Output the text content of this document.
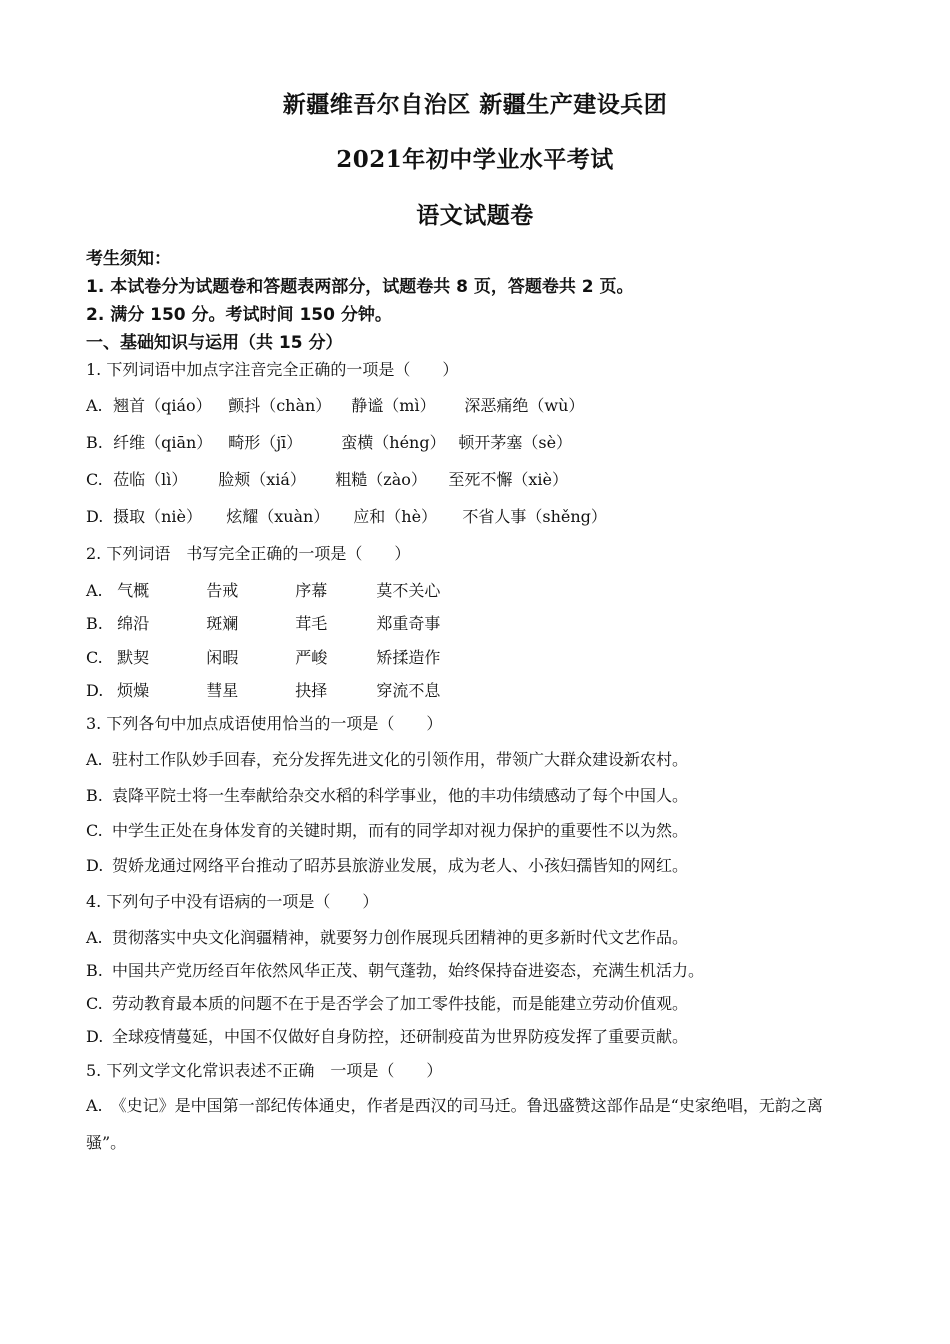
新疆维吾尔自治区 新疆生产建设兵团
2021年初中学业水平考试
语文试题卷
考生须知：
1. 本试卷分为试题卷和答题表两部分，试题卷共 8 页，答题卷共 2 页。
2. 满分 150 分。考试时间 150 分钟。
一、基础知识与运用（共 15 分）
1. 下列词语中加点字注音完全正确的一项是（　　）
A. 翘首（qiáo） 颤抖（chàn） 静谧（mì） 深恶痛绝（wù）
B. 纤维（qiān） 畸形（jī） 蛮横（héng） 顿开茅塞（sè）
C. 莅临（lì） 脸颊（xiá） 粗糙（zào） 至死不懈（xiè）
D. 摄取（niè） 炫耀（xuàn） 应和（hè） 不省人事（shěng）
2. 下列词语　书写完全正确的一项是（　　）
A. 气概	告戒	序幕	莫不关心
B. 绵沿	斑斓	茸毛	郑重奇事
C. 默契	闲暇	严峻	矫揉造作
D. 烦燥	彗星	抉择	穿流不息
3. 下列各句中加点成语使用恰当的一项是（　　）
A. 驻村工作队妙手回春，充分发挥先进文化的引领作用，带领广大群众建设新农村。
B. 袁降平院士将一生奉献给杂交水稻的科学事业，他的丰功伟绩感动了每个中国人。
C. 中学生正处在身体发育的关键时期，而有的同学却对视力保护的重要性不以为然。
D. 贺娇龙通过网络平台推动了昭苏县旅游业发展，成为老人、小孩妇孺皆知的网红。
4. 下列句子中没有语病的一项是（　　）
A. 贯彻落实中央文化润疆精神，就要努力创作展现兵团精神的更多新时代文艺作品。
B. 中国共产党历经百年依然风华正茂、朝气蓬勃，始终保持奋进姿态，充满生机活力。
C. 劳动教育最本质的问题不在于是否学会了加工零件技能，而是能建立劳动价值观。
D. 全球疫情蔓延，中国不仅做好自身防控，还研制疫苗为世界防疫发挥了重要贡献。
5. 下列文学文化常识表述不正确　一项是（　　）
A.　《史记》是中国第一部纪传体通史，作者是西汉的司马迁。鲁迅盛赞这部作品是“史家绝唱，无韵之离骚”。
